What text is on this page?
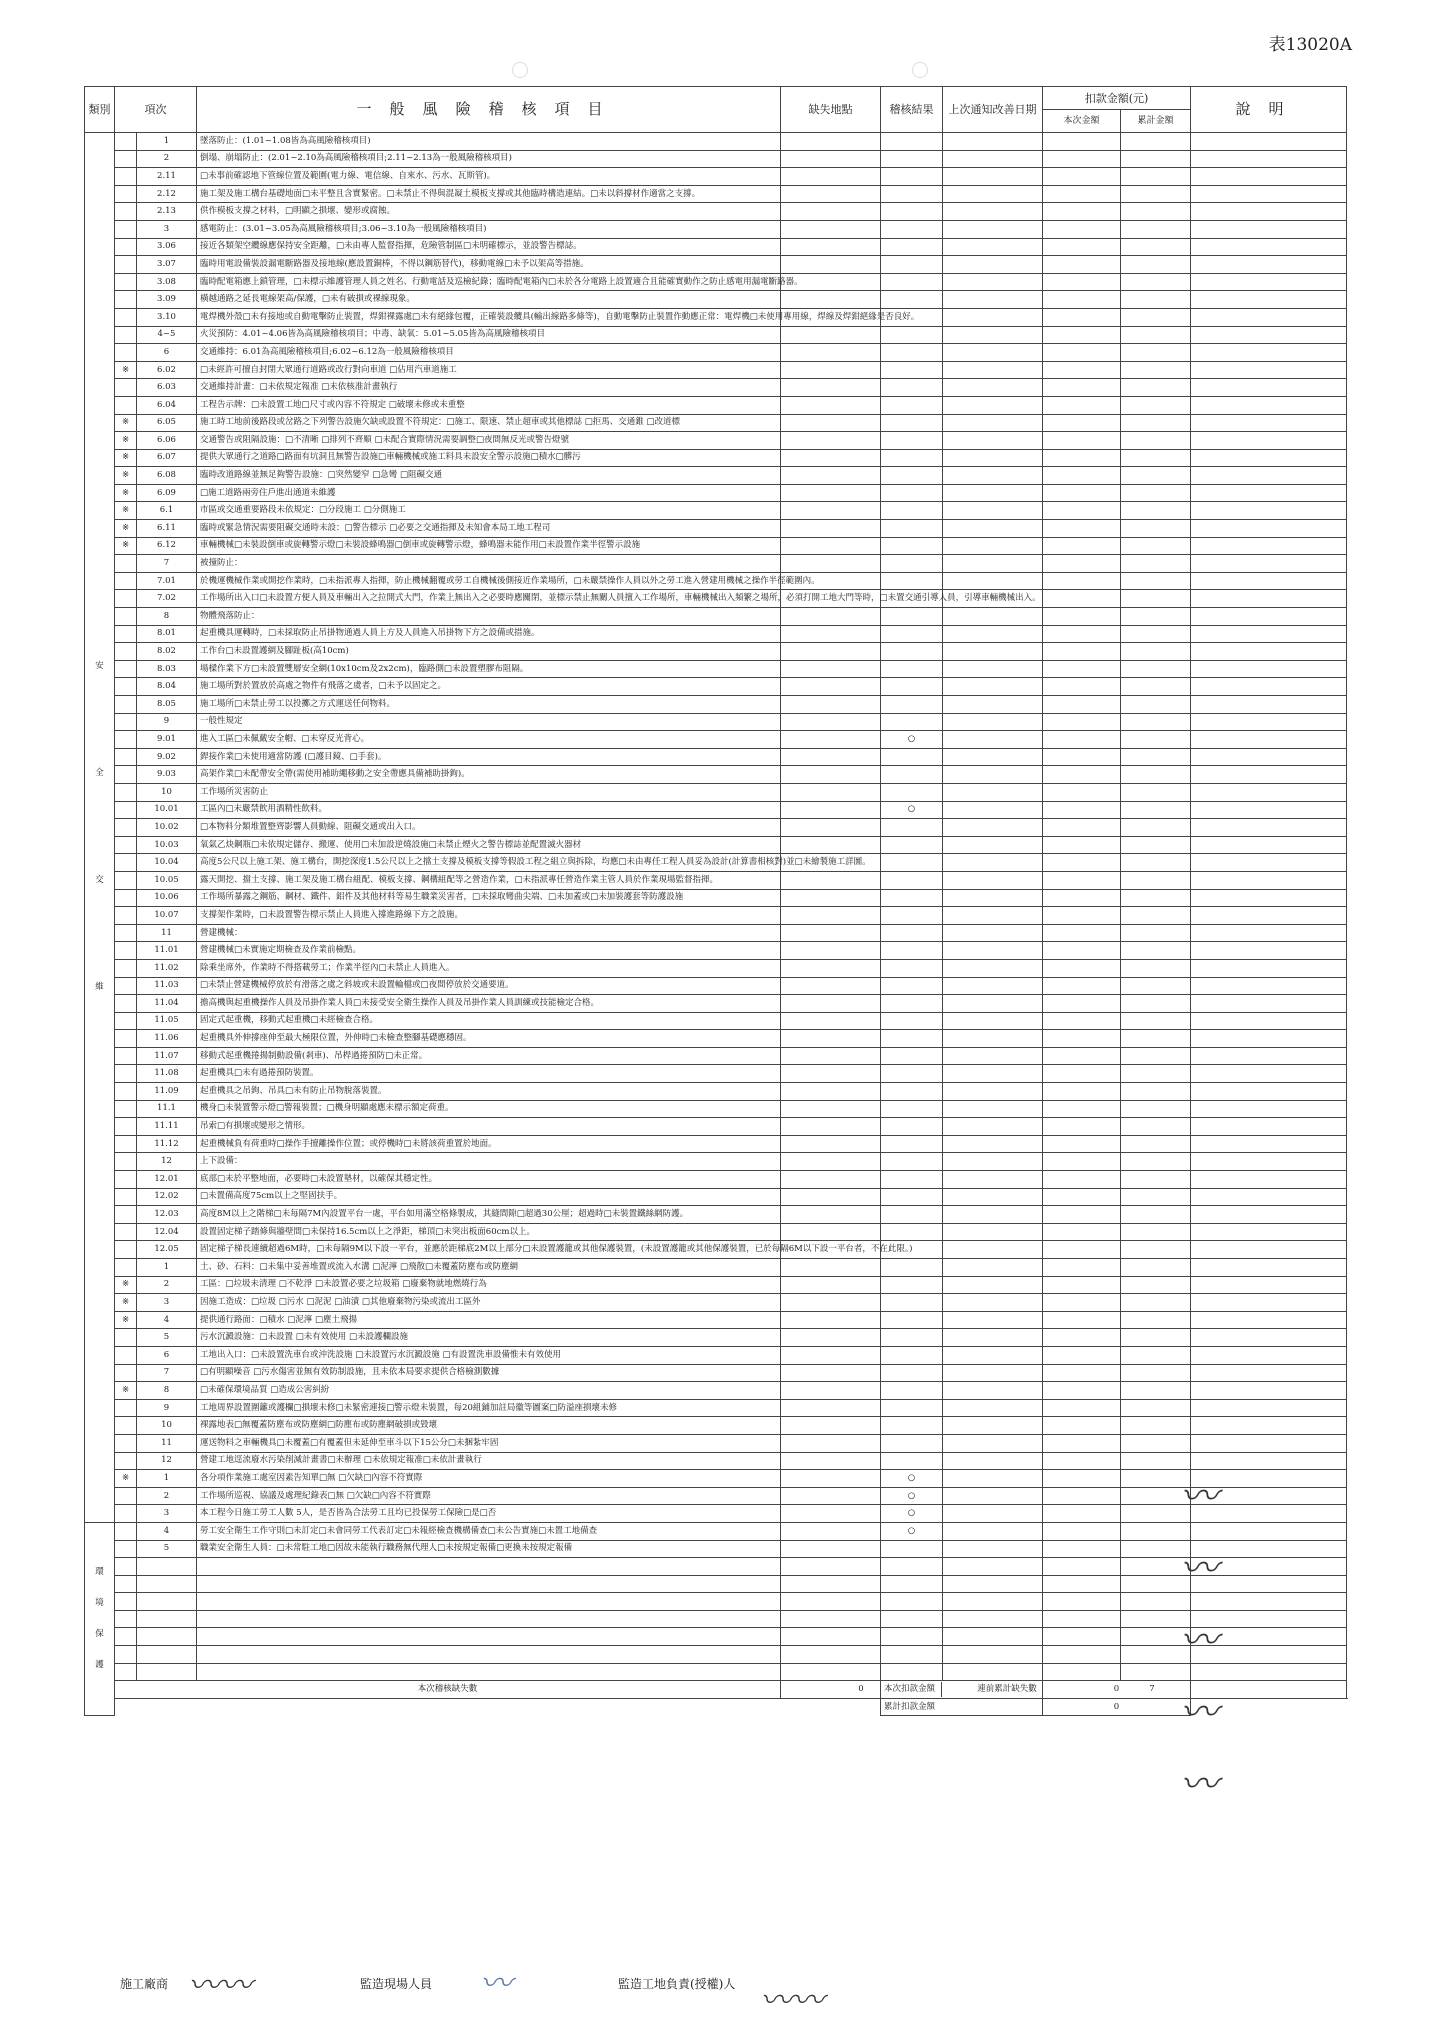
表13020A
類別	項次		一般風險稽核項目	缺失地點	稽核結果	上次通知改善日期	扣款金額(元)		說明
							本次金額	累計金額	

安
全
交
維		1	墜落防止：(1.01~1.08皆為高風險稽核項目)						
		2	倒塌、崩塌防止：(2.01~2.10為高風險稽核項目;2.11~2.13為一般風險稽核項目)						
		2.11	□未事前確認地下管線位置及範圍(電力線、電信線、自來水、污水、瓦斯管)。						
		2.12	施工架及施工構台基礎地面□未平整且含實緊密。□未禁止不得與混凝土模板支撐或其他臨時構造連結。□未以斜撐材作適當之支撐。						
		2.13	供作模板支撐之材料，□明顯之損壞、變形或腐蝕。						
		3	感電防止：(3.01~3.05為高風險稽核項目;3.06~3.10為一般風險稽核項目)						
		3.06	接近各類架空纜線應保持安全距離，□未由專人監督指揮，危險管制區□未明確標示，並設警告標誌。						
		3.07	臨時用電設備裝設漏電斷路器及接地線(應設置銅棒，不得以鋼筋替代)，移動電線□未予以架高等措施。						
		3.08	臨時配電箱應上鎖管理，□未標示維護管理人員之姓名、行動電話及巡檢紀錄；臨時配電箱內□未於各分電路上設置適合且能確實動作之防止感電用漏電斷路器。						
		3.09	橫越通路之延長電線架高/保護，□未有破損或裸線現象。						
		3.10	電焊機外殼□未有接地或自動電擊防止裝置，焊鉗裸露處□未有絕緣包覆，正確裝設纜具(輸出線路多條等)，自動電擊防止裝置作動應正常：電焊機□未使用專用線，焊線及焊鉗絕緣是否良好。						
		4~5	火災預防：4.01~4.06皆為高風險稽核項目；中毒、缺氧：5.01~5.05皆為高風險稽核項目						
		6	交通維持：6.01為高風險稽核項目;6.02~6.12為一般風險稽核項目						
	※	6.02	□未經許可擅自封閉大眾通行道路或改行對向車道 □佔用汽車道施工						
		6.03	交通維持計畫：□未依規定報准 □未依核准計畫執行						
		6.04	工程告示牌：□未設置工地□尺寸或內容不符規定 □破壞未修或未重整						
	※	6.05	施工時工地前後路段或岔路之下列警告設施欠缺或設置不符規定：□施工、限速、禁止超車或其他標誌 □拒馬、交通錐 □改道標						
	※	6.06	交通警告或阻隔設施：□不清晰 □排列不齊順 □未配合實際情況需要調整□夜間無反光或警告燈號						
	※	6.07	提供大眾通行之道路□路面有坑洞且無警告設施□車輛機械或施工料具未設安全警示設施□積水□髒污						
	※	6.08	臨時改道路線並無足夠警告設施：□突然變窄 □急彎 □阻礙交通						
	※	6.09	□施工道路兩旁住戶進出通道未維護						
	※	6.1	市區或交通重要路段未依規定：□分段施工 □分側施工						
	※	6.11	臨時或緊急情況需要阻礙交通時未設：□警告標示 □必要之交通指揮及未知會本局工地工程司						
	※	6.12	車輛機械□未裝設倒車或旋轉警示燈□未裝設蜂鳴器□倒車或旋轉警示燈，蜂鳴器未能作用□未設置作業半徑警示設施						
		7	被撞防止：						
		7.01	於機運機械作業或開挖作業時，□未指派專人指揮，防止機械翻覆或勞工自機械後側接近作業場所，□未嚴禁操作人員以外之勞工進入營建用機械之操作半徑範圍內。						
		7.02	工作場所出入口□未設置方便人員及車輛出入之拉開式大門，作業上無出入之必要時應關閉，並標示禁止無關人員擅入工作場所，車輛機械出入頻繁之場所，必須打開工地大門等時，□未置交通引導人員，引導車輛機械出入。						
		8	物體飛落防止：						
		8.01	起重機具運轉時，□未採取防止吊掛物通過人員上方及人員進入吊掛物下方之設備或措施。						
		8.02	工作台□未設置護網及腳趾板(高10cm)						
		8.03	場樑作業下方□未設置雙層安全網(10x10cm及2x2cm)，臨路側□未設置塑膠布阻隔。						
		8.04	施工場所對於置放於高處之物件有飛落之虞者，□未予以固定之。						
		8.05	施工場所□未禁止勞工以投擲之方式運送任何物料。						
		9	一般性規定						
		9.01	進入工區□未佩戴安全帽、□未穿反光背心。		○				
		9.02	銲接作業□未使用適當防護 (□護目鏡、□手套)。						
		9.03	高架作業□未配帶安全帶(需使用補助繩移動之安全帶應具備補助掛鉤)。						
		10	工作場所災害防止						
		10.01	工區內□未嚴禁飲用酒精性飲料。		○				
		10.02	□本物料分類堆置整齊影響人員動線、阻礙交通或出入口。						
		10.03	氧氣乙炔鋼瓶□未依規定儲存、搬運、使用□未加設逆燒設施□未禁止煙火之警告標誌並配置滅火器材						
		10.04	高度5公尺以上施工架、施工構台，開挖深度1.5公尺以上之擋土支撐及模板支撐等假設工程之組立與拆除，均應□未由專任工程人員妥為設計(計算書相核對)並□未繪製施工詳圖。						
		10.05	露天開挖、擋土支撐、施工架及施工構台組配、模板支撐、鋼構組配等之營造作業，□未指派專任營造作業主管人員於作業現場監督指揮。						
		10.06	工作場所暴露之鋼筋、鋼材、鐵件、鋁件及其他材料等易生職業災害者，□未採取彎曲尖端、□未加蓋或□未加裝護套等防護設施						
		10.07	支撐架作業時，□未設置警告標示禁止人員進入撐進路線下方之設施。						
		11	營建機械：						
		11.01	營建機械□未實施定期檢查及作業前檢點。						
		11.02	除乘坐席外，作業時不得搭載勞工；作業半徑內□未禁止人員進入。						
		11.03	□未禁止營建機械停放於有滑落之虞之斜坡或未設置輪檔或□夜間停放於交通要道。						
		11.04	擔高機與起重機操作人員及吊掛作業人員□未接受安全衛生操作人員及吊掛作業人員訓練或技能檢定合格。						
		11.05	固定式起重機，移動式起重機□未經檢查合格。						
		11.06	起重機具外伸撐座伸至最大極限位置，外伸時□未檢查整腳基礎應穩固。						
		11.07	移動式起重機捲揚制動設備(剎車)、吊桿過捲預防□未正常。						
		11.08	起重機具□未有過捲預防裝置。						
		11.09	起重機具之吊鉤、吊具□未有防止吊物脫落裝置。						
		11.1	機身□未裝置警示燈□警報裝置；□機身明顯處應未標示額定荷重。						
		11.11	吊索□有損壞或變形之情形。						
		11.12	起重機械負有荷重時□操作手擅離操作位置；或停機時□未將該荷重置於地面。						
		12	上下設備：						
		12.01	底部□未於平整地面，必要時□未設置墊材，以確保其穩定性。						
		12.02	□未置備高度75cm以上之堅固扶手。						
		12.03	高度8M以上之階梯□未每隔7M內設置平台一處，平台如用滿空格條製成，其縫間隙□超過30公厘；超過時□未裝置鐵絲網防護。						
		12.04	設置固定梯子踏條與牆壁間□未保持16.5cm以上之淨距，梯頂□未突出板面60cm以上。						
		12.05	固定梯子梯長連續超過6M時，□未每隔9M以下設一平台，並應於距梯底2M以上部分□未設置護籠或其他保護裝置，(未設置護籠或其他保護裝置，已於每隔6M以下設一平台者，不在此限。)						
		1	土、砂、石料：□未集中妥善堆置或流入水溝 □泥濘 □飛散□未覆蓋防塵布或防塵網						
	※	2	工區：□垃圾未清理 □不乾淨 □未設置必要之垃圾箱 □廢棄物就地燃燒行為						
	※	3	因施工造成：□垃圾 □污水 □泥泥 □油漬 □其他廢棄物污染或流出工區外						
	※	4	提供通行路面：□積水 □泥濘 □塵土飛揚						
		5	污水沉澱設施：□未設置 □未有效使用 □未設護欄設施						
		6	工地出入口：□未設置洗車台或沖洗設施 □未設置污水沉澱設施 □有設置洗車設備惟未有效使用						
		7	□有明顯噪音 □污水傷害並無有效防制設施，且未依本局要求提供合格檢測數據						
	※	8	□未確保環境品質 □造成公害糾紛						
		9	工地周界設置圍籬或護欄□損壞未修□未緊密連接□警示燈未裝置，每20組鋪加註局徽等圖案□防溢座損壞未修						
		10	裸露地表□無覆蓋防塵布或防塵網□防塵布或防塵網破損或毀壞						
		11	運送物料之車輛機具□未覆蓋□有覆蓋但未延伸至車斗以下15公分□未捆紮牢固						
		12	營建工地逕流廢水污染削減計畫書□未辦理 □未依規定報准□未依計畫執行						
	※	1	各分項作業施工處室因素告知單□無 □欠缺□內容不符實際		○				
		2	工作場所巡視、協議及處理紀錄表□無 □欠缺□內容不符實際		○				
		3	本工程今日施工勞工人數 5人，是否皆為合法勞工且均已投保勞工保險□是□否		○				

環
境
保
護		4	勞工安全衛生工作守則□未訂定□未會同勞工代表訂定□未報經檢查機構備查□未公告實施□未置工地備查		○				
		5	職業安全衛生人員：□未常駐工地□因故未能執行職務無代理人□未按規定報備□更換未按規定報備						

	本次稽核缺失數			0 連前累計缺失數 7	本次扣款金額		0		
					累計扣款金額		0		
施工廠商	監造現場人員	監造工地負責(授權)人
〰〰	〰	〰〰
〰
〰
〰
〰
〰
